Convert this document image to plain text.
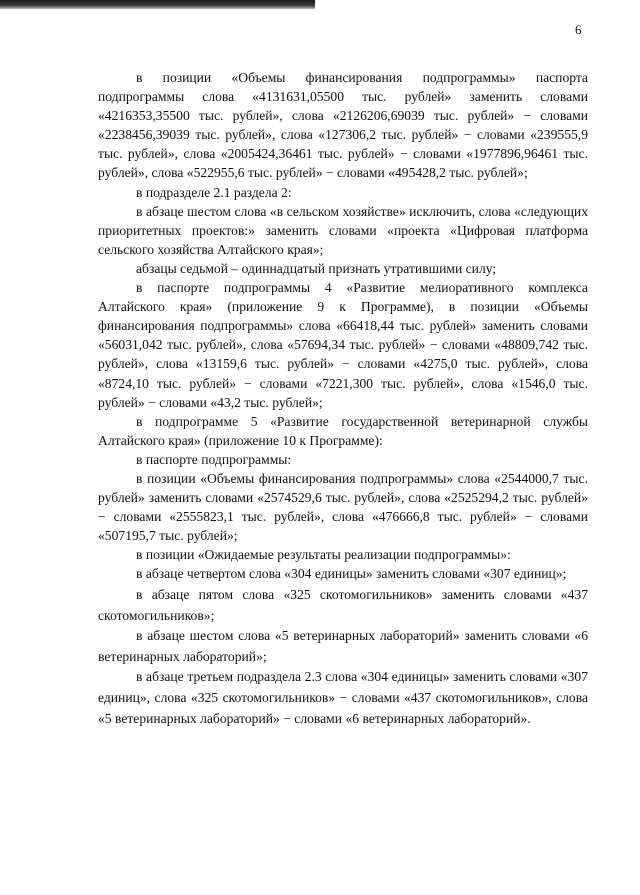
6

в позиции «Объемы финансирования подпрограммы» паспорта подпрограммы слова «4131631,05500 тыс. рублей» заменить словами «4216353,35500 тыс. рублей», слова «2126206,69039 тыс. рублей» − словами «2238456,39039 тыс. рублей», слова «127306,2 тыс. рублей» − словами «239555,9 тыс. рублей», слова «2005424,36461 тыс. рублей» − словами «1977896,96461 тыс. рублей», слова «522955,6 тыс. рублей» − словами «495428,2 тыс. рублей»;

в подразделе 2.1 раздела 2:

в абзаце шестом слова «в сельском хозяйстве» исключить, слова «следующих приоритетных проектов:» заменить словами «проекта «Цифровая платформа сельского хозяйства Алтайского края»;

абзацы седьмой – одиннадцатый признать утратившими силу;

в паспорте подпрограммы 4 «Развитие мелиоративного комплекса Алтайского края» (приложение 9 к Программе), в позиции «Объемы финансирования подпрограммы» слова «66418,44 тыс. рублей» заменить словами «56031,042 тыс. рублей», слова «57694,34 тыс. рублей» − словами «48809,742 тыс. рублей», слова «13159,6 тыс. рублей» − словами «4275,0 тыс. рублей», слова «8724,10 тыс. рублей» − словами «7221,300 тыс. рублей», слова «1546,0 тыс. рублей» − словами «43,2 тыс. рублей»;

в подпрограмме 5 «Развитие государственной ветеринарной службы Алтайского края» (приложение 10 к Программе):

в паспорте подпрограммы:

в позиции «Объемы финансирования подпрограммы» слова «2544000,7 тыс. рублей» заменить словами «2574529,6 тыс. рублей», слова «2525294,2 тыс. рублей» − словами «2555823,1 тыс. рублей», слова «476666,8 тыс. рублей» − словами «507195,7 тыс. рублей»;

в позиции «Ожидаемые результаты реализации подпрограммы»:

в абзаце четвертом слова «304 единицы» заменить словами «307 единиц»;

в абзаце пятом слова «325 скотомогильников» заменить словами «437 скотомогильников»;

в абзаце шестом слова «5 ветеринарных лабораторий» заменить словами «6 ветеринарных лабораторий»;

в абзаце третьем подраздела 2.3 слова «304 единицы» заменить словами «307 единиц», слова «325 скотомогильников» − словами «437 скотомогильников», слова «5 ветеринарных лабораторий» − словами «6 ветеринарных лабораторий».
